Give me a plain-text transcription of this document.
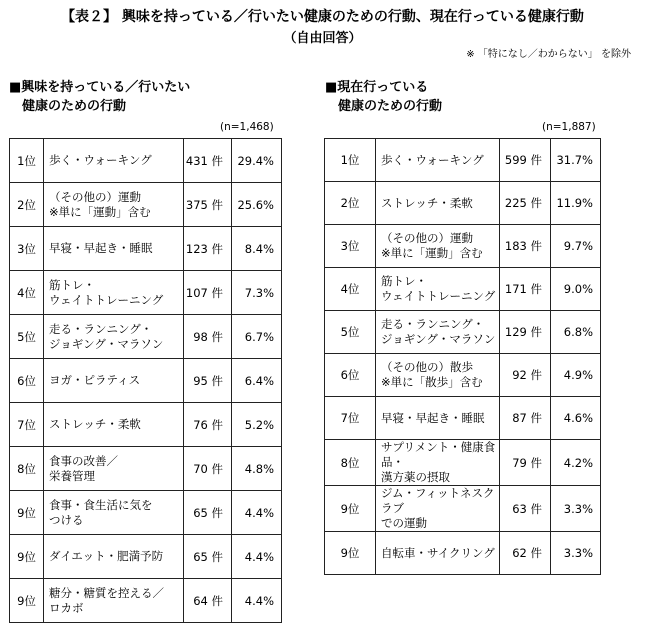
【表２】 興味を持っている／行いたい健康のための行動、現在行っている健康行動
（自由回答）
※ 「特になし／わからない」 を除外
■興味を持っている／行いたい
健康のための行動
■現在行っている
健康のための行動
(n=1,468)	(n=1,887)
1位	歩く・ウォーキング	431 件	29.4%
2位	（その他の）運動
※単に「運動」含む	375 件	25.6%
3位	早寝・早起き・睡眠	123 件	8.4%
4位	筋トレ・
ウェイトトレーニング	107 件	7.3%
5位	走る・ランニング・
ジョギング・マラソン	98 件	6.7%
6位	ヨガ・ピラティス	95 件	6.4%
7位	ストレッチ・柔軟	76 件	5.2%
8位	食事の改善／
栄養管理	70 件	4.8%
9位	食事・食生活に気を
つける	65 件	4.4%
9位	ダイエット・肥満予防	65 件	4.4%
9位	糖分・糖質を控える／
ロカボ	64 件	4.4%
1位	歩く・ウォーキング	599 件	31.7%
2位	ストレッチ・柔軟	225 件	11.9%
3位	（その他の）運動
※単に「運動」含む	183 件	9.7%
4位	筋トレ・
ウェイトトレーニング	171 件	9.0%
5位	走る・ランニング・
ジョギング・マラソン	129 件	6.8%
6位	（その他の）散歩
※単に「散歩」含む	92 件	4.9%
7位	早寝・早起き・睡眠	87 件	4.6%
8位	サプリメント・健康食品・
漢方薬の摂取	79 件	4.2%
9位	ジム・フィットネスクラブ
での運動	63 件	3.3%
9位	自転車・サイクリング	62 件	3.3%
